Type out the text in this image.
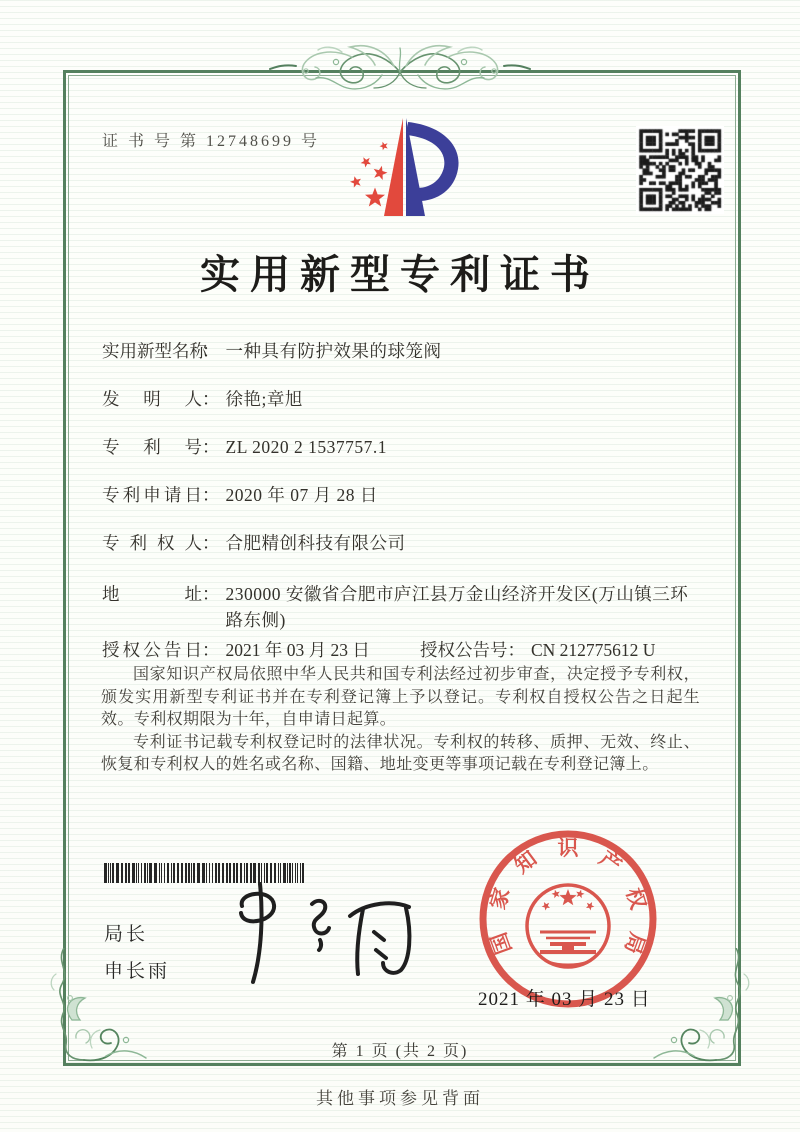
证 书 号 第 12748699 号
实用新型专利证书
实用新型名称： 一种具有防护效果的球笼阀
发明人： 徐艳;章旭
专利号： ZL 2020 2 1537757.1
专利申请日： 2020 年 07 月 28 日
专利权人： 合肥精创科技有限公司
地址： 230000 安徽省合肥市庐江县万金山经济开发区(万山镇三环路东侧)
授权公告日： 2021 年 03 月 23 日	授权公告号： CN 212775612 U

国家知识产权局依照中华人民共和国专利法经过初步审查，决定授予专利权，颁发实用新型专利证书并在专利登记簿上予以登记。专利权自授权公告之日起生效。专利权期限为十年，自申请日起算。

专利证书记载专利权登记时的法律状况。专利权的转移、质押、无效、终止、恢复和专利权人的姓名或名称、国籍、地址变更等事项记载在专利登记簿上。

局长
申长雨
国
家
知 识 产
权
局
2021 年 03 月 23 日
第 1 页 (共 2 页)
其他事项参见背面
